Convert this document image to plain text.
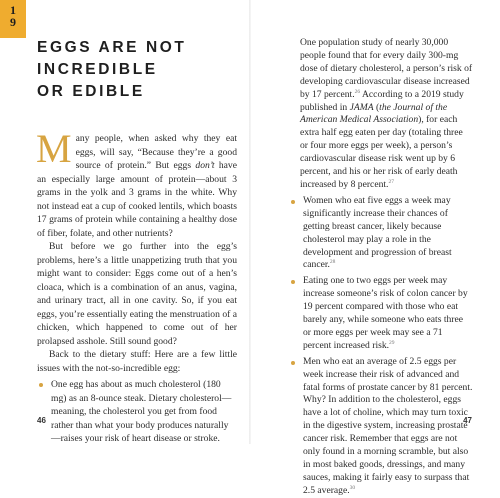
1
9
EGGS ARE NOT
INCREDIBLE
OR EDIBLE

Many people, when asked why they eat eggs, will say, “Because they’re a good source of protein.” But eggs don’t have an especially large amount of protein—about 3 grams in the yolk and 3 grams in the white. Why not instead eat a cup of cooked lentils, which boasts 17 grams of protein while containing a healthy dose of fiber, folate, and other nutrients?

But before we go further into the egg’s problems, here’s a little unappetizing truth that you might want to consider: Eggs come out of a hen’s cloaca, which is a combination of an anus, vagina, and urinary tract, all in one cavity. So, if you eat eggs, you’re essentially eating the menstruation of a chicken, which happened to come out of her prolapsed asshole. Still sound good?

Back to the dietary stuff: Here are a few little issues with the not-so-incredible egg:

One egg has about as much cholesterol (180 mg) as an 8-ounce steak. Dietary cholesterol—meaning, the cholesterol you get from food rather than what your body produces naturally—raises your risk of heart disease or stroke.

One population study of nearly 30,000 people found that for every daily 300-mg dose of dietary cholesterol, a person’s risk of developing cardiovascular disease increased by 17 percent.$^{26}$ According to a 2019 study published in JAMA (the Journal of the American Medical Association), for each extra half egg eaten per day (totaling three or four more eggs per week), a person’s cardiovascular disease risk went up by 6 percent, and his or her risk of early death increased by 8 percent.$^{27}$

Women who eat five eggs a week may significantly increase their chances of getting breast cancer, likely because cholesterol may play a role in the development and progression of breast cancer.$^{28}$
Eating one to two eggs per week may increase someone’s risk of colon cancer by 19 percent compared with those who eat barely any, while someone who eats three or more eggs per week may see a 71 percent increased risk.$^{29}$
Men who eat an average of 2.5 eggs per week increase their risk of advanced and fatal forms of prostate cancer by 81 percent. Why? In addition to the cholesterol, eggs have a lot of choline, which may turn toxic in the digestive system, increasing prostate cancer risk. Remember that eggs are not only found in a morning scramble, but also in most baked goods, dressings, and many sauces, making it fairly easy to surpass that 2.5 average.$^{30}$
46	47
